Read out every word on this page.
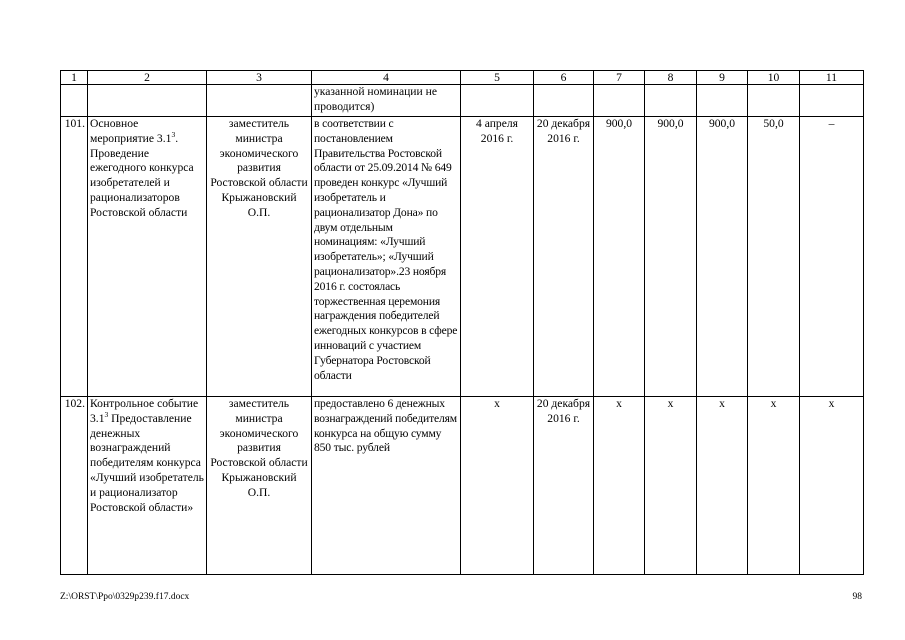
1	2	3	4	5	6	7	8	9	10	11
			указанной номинации не проводится)							
101.	Основное мероприятие $3.1^3$. Проведение ежегодного конкурса изобретателей и рационализаторов Ростовской области	заместитель министра экономического развития Ростовской области Крыжановский О.П.	в соответствии с постановлением Правительства Ростовской области от 25.09.2014 № 649 проведен конкурс «Лучший изобретатель и рационализатор Дона» по двум отдельным номинациям: «Лучший изобретатель»; «Лучший рационализатор».23 ноября 2016 г. состоялась торжественная церемония награждения победителей ежегодных конкурсов в сфере инноваций с участием Губернатора Ростовской области	4 апреля 2016 г.	20 декабря 2016 г.	900,0	900,0	900,0	50,0	–
102.	Контрольное событие $3.1^3$ Предоставление денежных вознаграждений победителям конкурса «Лучший изобретатель и рационализатор Ростовской области»	заместитель министра экономического развития Ростовской области Крыжановский О.П.	предоставлено 6 денежных вознаграждений победителям конкурса на общую сумму 850 тыс. рублей	х	20 декабря 2016 г.	х	х	х	х	х
Z:\ORST\Ppo\0329p239.f17.docx	98
